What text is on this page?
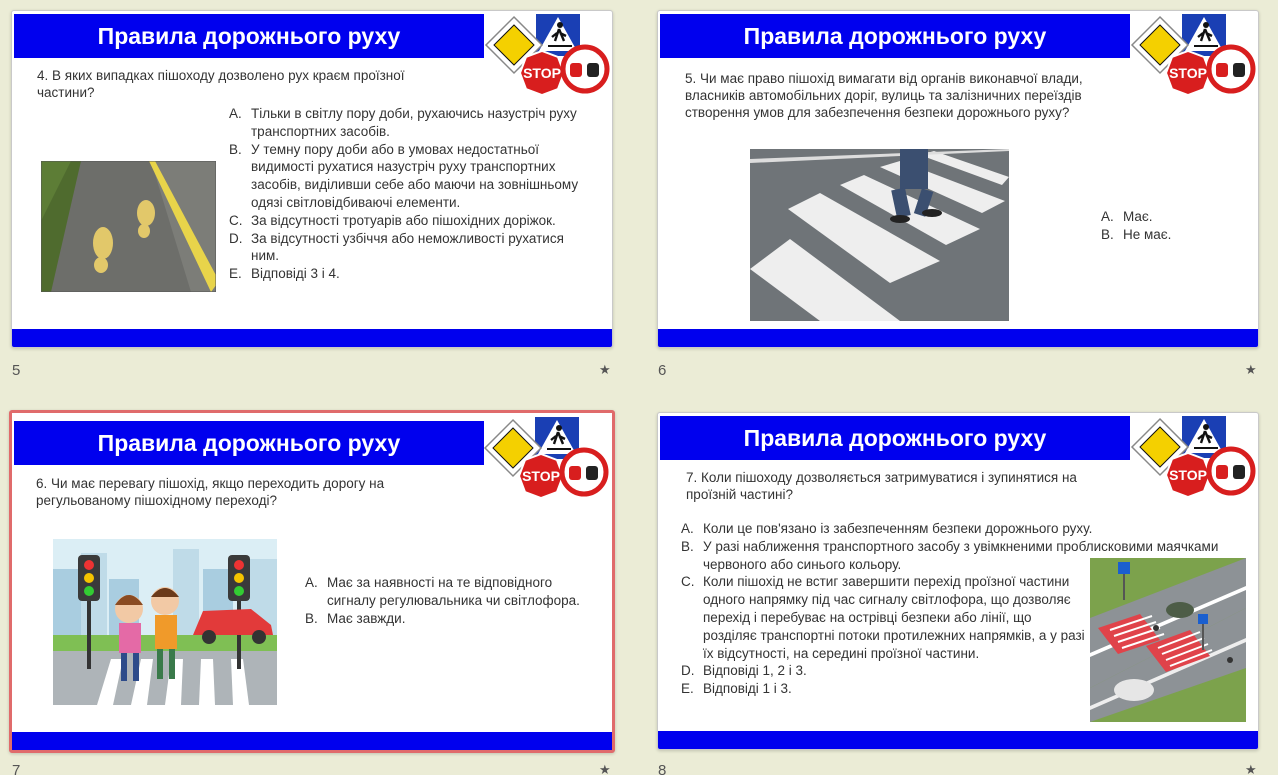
Правила дорожнього руху
STOP
4. В яких випадках пішоходу дозволено рух краєм проїзної частини?
A. Тільки в світлу пору доби, рухаючись назустріч руху транспортних засобів.
B. У темну пору доби або в умовах недостатньої видимості рухатися назустріч руху транспортних засобів, виділивши себе або маючи на зовнішньому одязі світловідбиваючі елементи.
C. За відсутності тротуарів або пішохідних доріжок.
D. За відсутності узбіччя або неможливості рухатися ним.
E. Відповіді 3 і 4.
5	★
Правила дорожнього руху
STOP
5. Чи має право пішохід вимагати від органів виконавчої влади, власників автомобільних доріг, вулиць та залізничних переїздів створення умов для забезпечення безпеки дорожнього руху?
A. Має.
B. Не має.
6	★
Правила дорожнього руху
STOP
6. Чи має перевагу пішохід, якщо переходить дорогу на регульованому пішохідному переході?
A. Має за наявності на те відповідного сигналу регулювальника чи світлофора.
B. Має завжди.
7	★
Правила дорожнього руху
STOP
7. Коли пішоходу дозволяється затримуватися і зупинятися на проїзній частині?
A. Коли це пов'язано із забезпеченням безпеки дорожнього руху.
B. У разі наближення транспортного засобу з увімкненими проблисковими маячками червоного або синього кольору.
C. Коли пішохід не встиг завершити перехід проїзної частини одного напрямку під час сигналу світлофора, що дозволяє перехід і перебуває на острівці безпеки або лінії, що розділяє транспортні потоки протилежних напрямків, а у разі їх відсутності, на середині проїзної частини.
D. Відповіді 1, 2 і 3.
E. Відповіді 1 і 3.
8	★
